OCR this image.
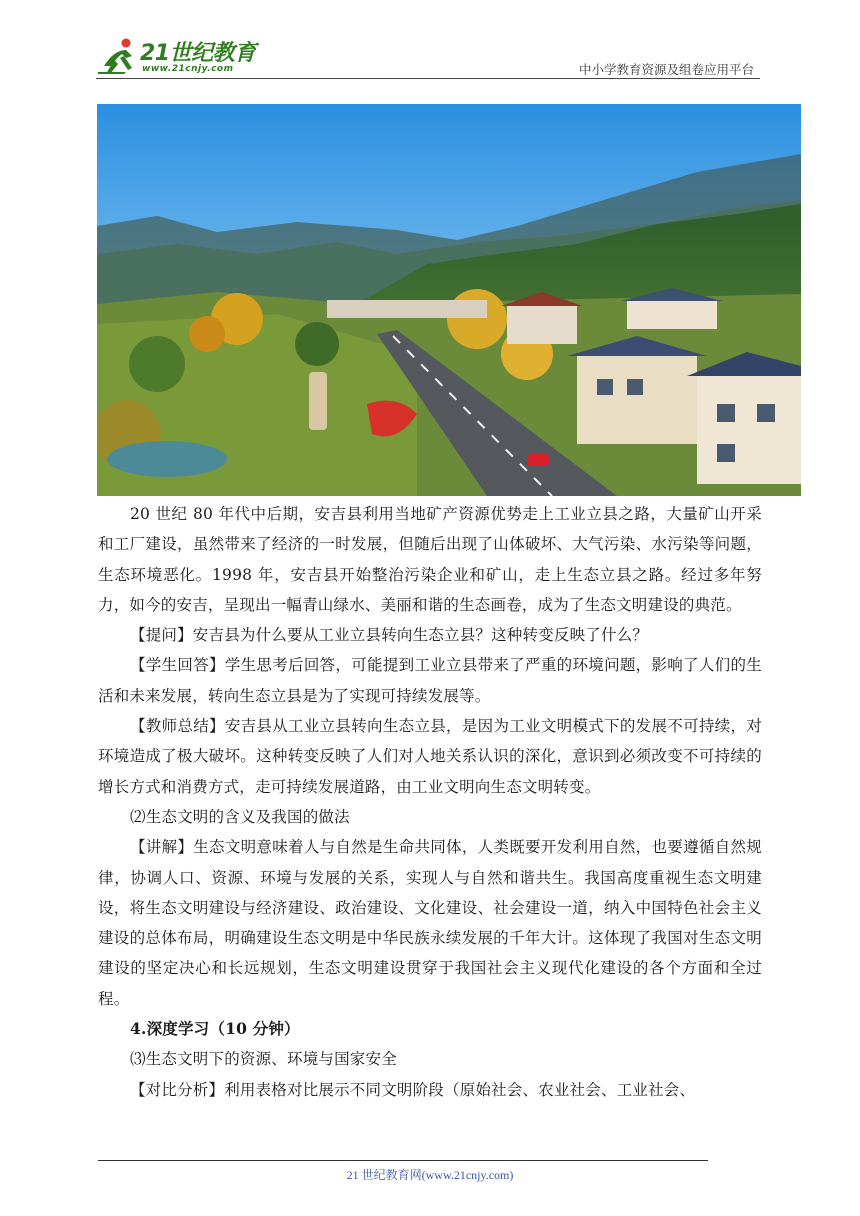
21世纪教育
www.21cnjy.com	中小学教育资源及组卷应用平台

20 世纪 80 年代中后期，安吉县利用当地矿产资源优势走上工业立县之路，大量矿山开采和工厂建设，虽然带来了经济的一时发展，但随后出现了山体破坏、大气污染、水污染等问题，生态环境恶化。1998 年，安吉县开始整治污染企业和矿山，走上生态立县之路。经过多年努力，如今的安吉，呈现出一幅青山绿水、美丽和谐的生态画卷，成为了生态文明建设的典范。

【提问】安吉县为什么要从工业立县转向生态立县？这种转变反映了什么？

【学生回答】学生思考后回答，可能提到工业立县带来了严重的环境问题，影响了人们的生活和未来发展，转向生态立县是为了实现可持续发展等。

【教师总结】安吉县从工业立县转向生态立县，是因为工业文明模式下的发展不可持续，对环境造成了极大破坏。这种转变反映了人们对人地关系认识的深化，意识到必须改变不可持续的增长方式和消费方式，走可持续发展道路，由工业文明向生态文明转变。

⑵生态文明的含义及我国的做法

【讲解】生态文明意味着人与自然是生命共同体，人类既要开发利用自然，也要遵循自然规律，协调人口、资源、环境与发展的关系，实现人与自然和谐共生。我国高度重视生态文明建设，将生态文明建设与经济建设、政治建设、文化建设、社会建设一道，纳入中国特色社会主义建设的总体布局，明确建设生态文明是中华民族永续发展的千年大计。这体现了我国对生态文明建设的坚定决心和长远规划，生态文明建设贯穿于我国社会主义现代化建设的各个方面和全过程。

4.深度学习（10 分钟）

⑶生态文明下的资源、环境与国家安全

【对比分析】利用表格对比展示不同文明阶段（原始社会、农业社会、工业社会、

21 世纪教育网(www.21cnjy.com)
